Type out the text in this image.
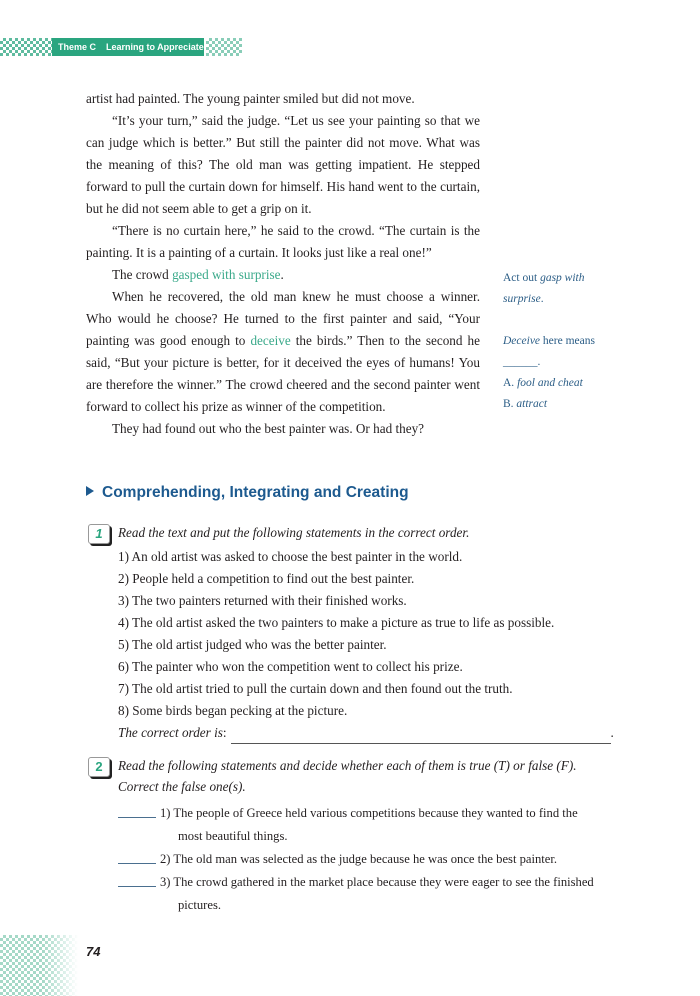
Theme C Learning to Appreciate

artist had painted. The young painter smiled but did not move.

“It’s your turn,” said the judge. “Let us see your painting so that we can judge which is better.” But still the painter did not move. What was the meaning of this? The old man was getting impatient. He stepped forward to pull the curtain down for himself. His hand went to the curtain, but he did not seem able to get a grip on it.

“There is no curtain here,” he said to the crowd. “The curtain is the painting. It is a painting of a curtain. It looks just like a real one!”

The crowd gasped with surprise.

When he recovered, the old man knew he must choose a winner. Who would he choose? He turned to the first painter and said, “Your painting was good enough to deceive the birds.” Then to the second he said, “But your picture is better, for it deceived the eyes of humans! You are therefore the winner.” The crowd cheered and the second painter went forward to collect his prize as winner of the competition.

They had found out who the best painter was. Or had they?

Act out gasp with surprise.
Deceive here means
______.
A. fool and cheat
B. attract
Comprehending, Integrating and Creating
1	Read the text and put the following statements in the correct order.
1) An old artist was asked to choose the best painter in the world.
2) People held a competition to find out the best painter.
3) The two painters returned with their finished works.
4) The old artist asked the two painters to make a picture as true to life as possible.
5) The old artist judged who was the better painter.
6) The painter who won the competition went to collect his prize.
7) The old artist tried to pull the curtain down and then found out the truth.
8) Some birds began pecking at the picture.
The correct order is :	.
2	Read the following statements and decide whether each of them is true (T) or false (F). Correct the false one(s).
1) The people of Greece held various competitions because they wanted to find the
most beautiful things.
2) The old man was selected as the judge because he was once the best painter.
3) The crowd gathered in the market place because they were eager to see the finished
pictures.
74
